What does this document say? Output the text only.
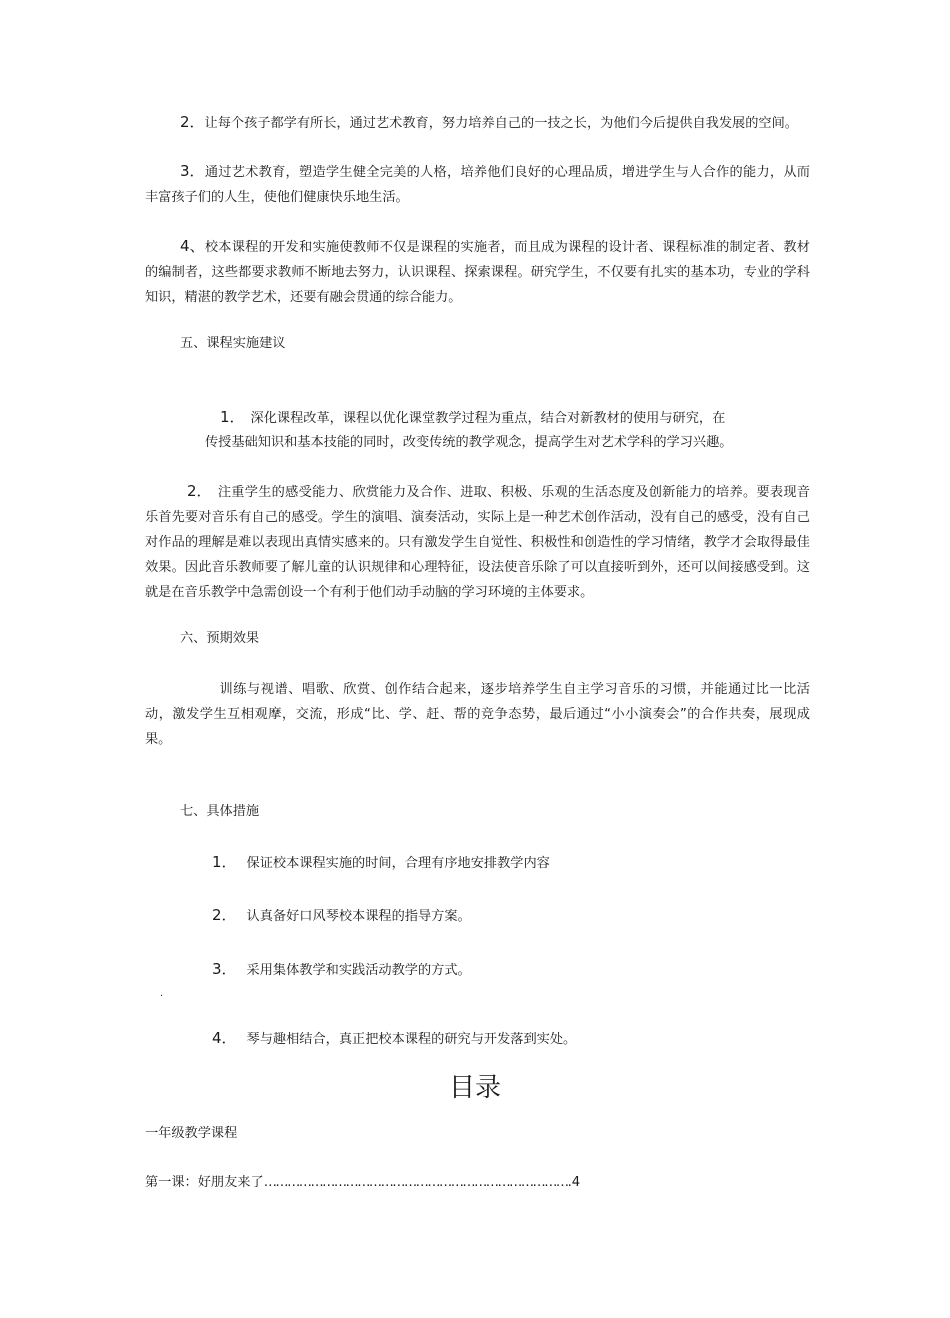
2．让每个孩子都学有所长，通过艺术教育，努力培养自己的一技之长，为他们今后提供自我发展的空间。

3．通过艺术教育，塑造学生健全完美的人格，培养他们良好的心理品质，增进学生与人合作的能力，从而丰富孩子们的人生，使他们健康快乐地生活。

4、校本课程的开发和实施使教师不仅是课程的实施者，而且成为课程的设计者、课程标准的制定者、教材的编制者，这些都要求教师不断地去努力，认识课程、探索课程。研究学生，不仅要有扎实的基本功，专业的学科知识，精湛的教学艺术，还要有融会贯通的综合能力。

五、课程实施建议

1． 深化课程改革，课程以优化课堂教学过程为重点，结合对新教材的使用与研究，在

传授基础知识和基本技能的同时，改变传统的教学观念，提高学生对艺术学科的学习兴趣。

2． 注重学生的感受能力、欣赏能力及合作、进取、积极、乐观的生活态度及创新能力的培养。要表现音乐首先要对音乐有自己的感受。学生的演唱、演奏活动，实际上是一种艺术创作活动，没有自己的感受，没有自己对作品的理解是难以表现出真情实感来的。只有激发学生自觉性、积极性和创造性的学习情绪，教学才会取得最佳效果。因此音乐教师要了解儿童的认识规律和心理特征，设法使音乐除了可以直接听到外，还可以间接感受到。这就是在音乐教学中急需创设一个有利于他们动手动脑的学习环境的主体要求。

六、预期效果

训练与视谱、唱歌、欣赏、创作结合起来，逐步培养学生自主学习音乐的习惯，并能通过比一比活动，激发学生互相观摩，交流，形成“比、学、赶、帮的竞争态势，最后通过“小小演奏会”的合作共奏，展现成果。

七、具体措施

1． 保证校本课程实施的时间，合理有序地安排教学内容

2． 认真备好口风琴校本课程的指导方案。

3． 采用集体教学和实践活动教学的方式。

.

4． 琴与趣相结合，真正把校本课程的研究与开发落到实处。

目录

一年级教学课程

第一课：好朋友来了…………………………………………………………………….4
